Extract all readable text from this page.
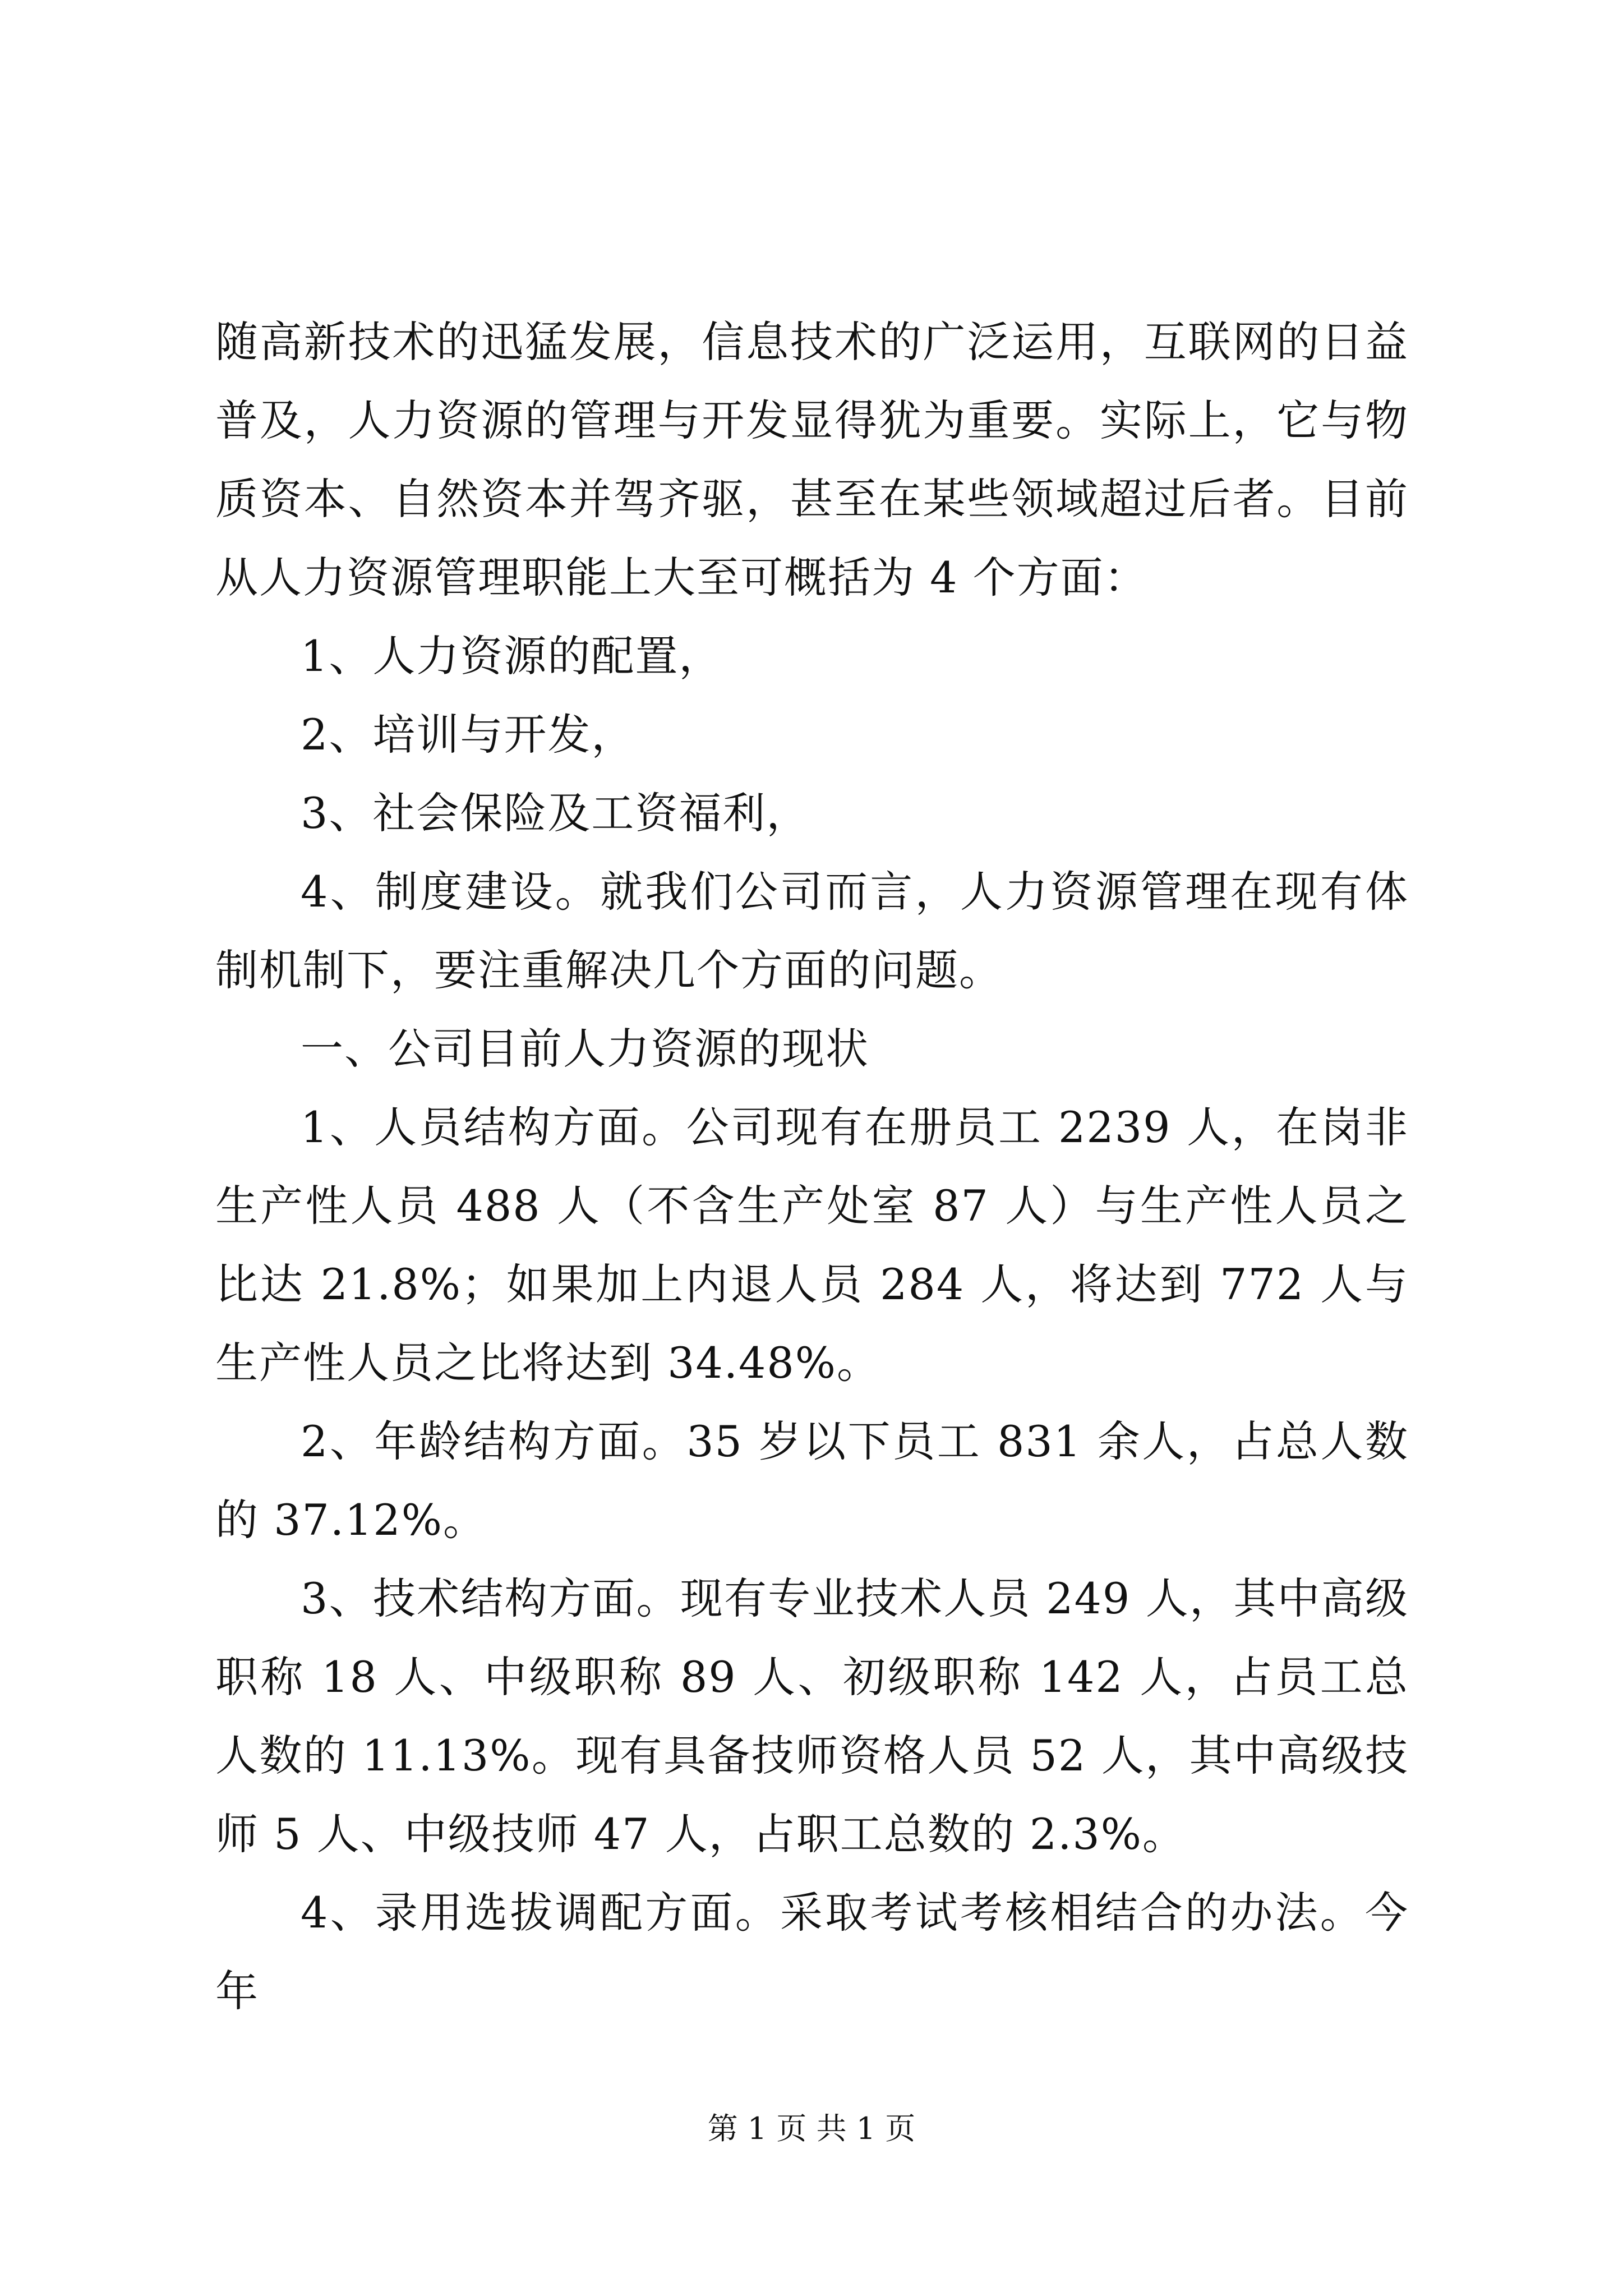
随高新技术的迅猛发展，信息技术的广泛运用，互联网的日益普及，人力资源的管理与开发显得犹为重要。实际上，它与物质资本、自然资本并驾齐驱，甚至在某些领域超过后者。目前从人力资源管理职能上大至可概括为 4 个方面：

1、人力资源的配置，

2、培训与开发，

3、社会保险及工资福利，

4、制度建设。就我们公司而言，人力资源管理在现有体制机制下，要注重解决几个方面的问题。

一、公司目前人力资源的现状

1、人员结构方面。公司现有在册员工 2239 人，在岗非生产性人员 488 人（不含生产处室 87 人）与生产性人员之比达 21.8%；如果加上内退人员 284 人，将达到 772 人与生产性人员之比将达到 34.48%。

2、年龄结构方面。35 岁以下员工 831 余人，占总人数的 37.12%。

3、技术结构方面。现有专业技术人员 249 人，其中高级职称 18 人、中级职称 89 人、初级职称 142 人，占员工总人数的 11.13%。现有具备技师资格人员 52 人，其中高级技师 5 人、中级技师 47 人，占职工总数的 2.3%。

4、录用选拔调配方面。采取考试考核相结合的办法。今年

第 1 页 共 1 页
